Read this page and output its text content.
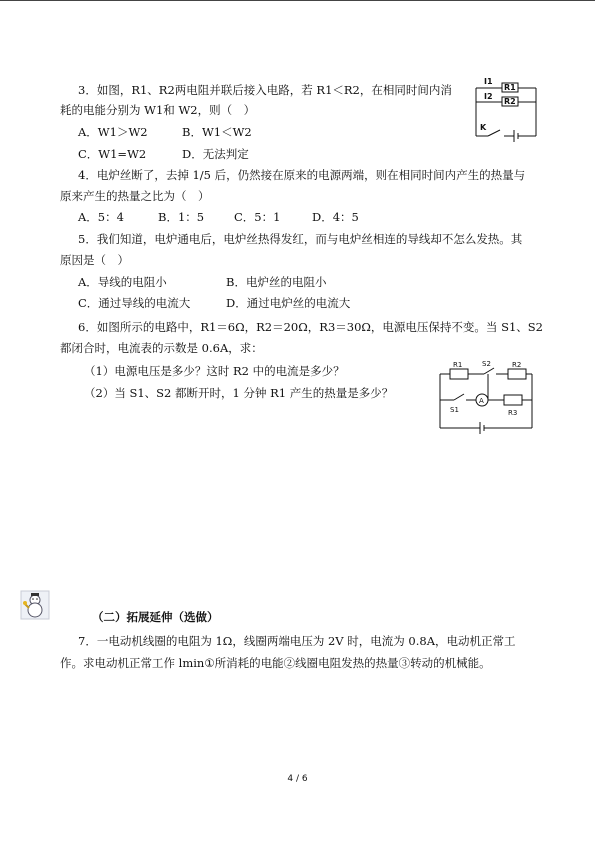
3．如图，R1、R2两电阻并联后接入电路，若 R1＜R2，在相同时间内消
耗的电能分别为 W1和 W2，则（　）
A．W1＞W2	B．W1＜W2
C．W1=W2	D．无法判定
I1
R1
I2
R2
K
4．电炉丝断了，去掉 1/5 后，仍然接在原来的电源两端，则在相同时间内产生的热量与
原来产生的热量之比为（　）
A．5：4	B．1：5	C．5：1	D．4：5
5．我们知道，电炉通电后，电炉丝热得发红，而与电炉丝相连的导线却不怎么发热。其
原因是（　）
A．导线的电阻小	B．电炉丝的电阻小
C．通过导线的电流大	D．通过电炉丝的电流大
6．如图所示的电路中，R1＝6Ω，R2＝20Ω，R3＝30Ω，电源电压保持不变。当 S1、S2
都闭合时，电流表的示数是 0.6A，求：
（1）电源电压是多少？这时 R2 中的电流是多少？
（2）当 S1、S2 都断开时，1 分钟 R1 产生的热量是多少？
R1	S2	R2
S1
A
R3
（二）拓展延伸（选做）
7．一电动机线圈的电阻为 1Ω，线圈两端电压为 2V 时，电流为 0.8A，电动机正常工
作。求电动机正常工作 lmin①所消耗的电能②线圈电阻发热的热量③转动的机械能。
4 / 6
